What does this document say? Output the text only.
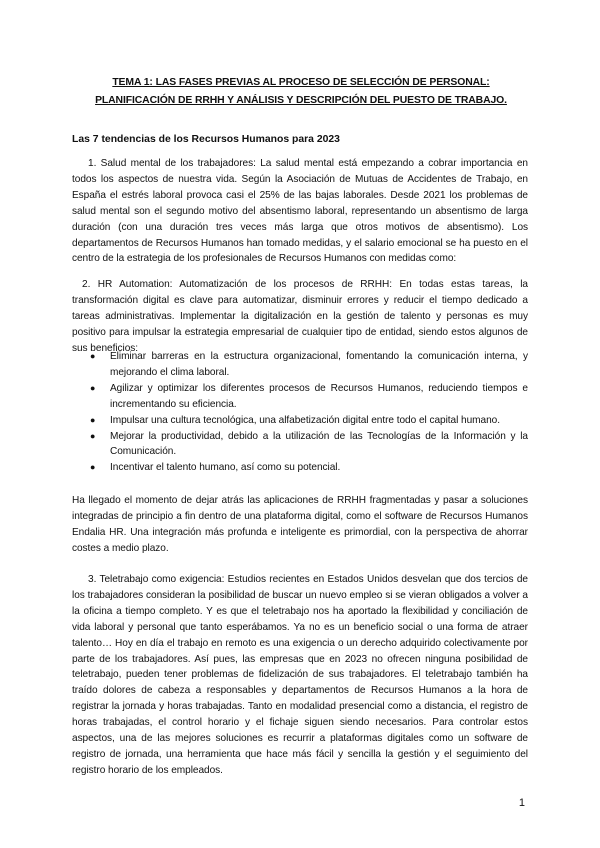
TEMA 1: LAS FASES PREVIAS AL PROCESO DE SELECCIÓN DE PERSONAL: PLANIFICACIÓN DE RRHH Y ANÁLISIS Y DESCRIPCIÓN DEL PUESTO DE TRABAJO.
Las 7 tendencias de los Recursos Humanos para 2023
1. Salud mental de los trabajadores: La salud mental está empezando a cobrar importancia en todos los aspectos de nuestra vida. Según la Asociación de Mutuas de Accidentes de Trabajo, en España el estrés laboral provoca casi el 25% de las bajas laborales. Desde 2021 los problemas de salud mental son el segundo motivo del absentismo laboral, representando un absentismo de larga duración (con una duración tres veces más larga que otros motivos de absentismo). Los departamentos de Recursos Humanos han tomado medidas, y el salario emocional se ha puesto en el centro de la estrategia de los profesionales de Recursos Humanos con medidas como:
2. HR Automation: Automatización de los procesos de RRHH: En todas estas tareas, la transformación digital es clave para automatizar, disminuir errores y reducir el tiempo dedicado a tareas administrativas. Implementar la digitalización en la gestión de talento y personas es muy positivo para impulsar la estrategia empresarial de cualquier tipo de entidad, siendo estos algunos de sus beneficios:
● Eliminar barreras en la estructura organizacional, fomentando la comunicación interna, y mejorando el clima laboral.
● Agilizar y optimizar los diferentes procesos de Recursos Humanos, reduciendo tiempos e incrementando su eficiencia.
● Impulsar una cultura tecnológica, una alfabetización digital entre todo el capital humano.
● Mejorar la productividad, debido a la utilización de las Tecnologías de la Información y la Comunicación.
● Incentivar el talento humano, así como su potencial.
Ha llegado el momento de dejar atrás las aplicaciones de RRHH fragmentadas y pasar a soluciones integradas de principio a fin dentro de una plataforma digital, como el software de Recursos Humanos Endalia HR. Una integración más profunda e inteligente es primordial, con la perspectiva de ahorrar costes a medio plazo.
3. Teletrabajo como exigencia: Estudios recientes en Estados Unidos desvelan que dos tercios de los trabajadores consideran la posibilidad de buscar un nuevo empleo si se vieran obligados a volver a la oficina a tiempo completo. Y es que el teletrabajo nos ha aportado la flexibilidad y conciliación de vida laboral y personal que tanto esperábamos. Ya no es un beneficio social o una forma de atraer talento… Hoy en día el trabajo en remoto es una exigencia o un derecho adquirido colectivamente por parte de los trabajadores. Así pues, las empresas que en 2023 no ofrecen ninguna posibilidad de teletrabajo, pueden tener problemas de fidelización de sus trabajadores. El teletrabajo también ha traído dolores de cabeza a responsables y departamentos de Recursos Humanos a la hora de registrar la jornada y horas trabajadas. Tanto en modalidad presencial como a distancia, el registro de horas trabajadas, el control horario y el fichaje siguen siendo necesarios. Para controlar estos aspectos, una de las mejores soluciones es recurrir a plataformas digitales como un software de registro de jornada, una herramienta que hace más fácil y sencilla la gestión y el seguimiento del registro horario de los empleados.
1
